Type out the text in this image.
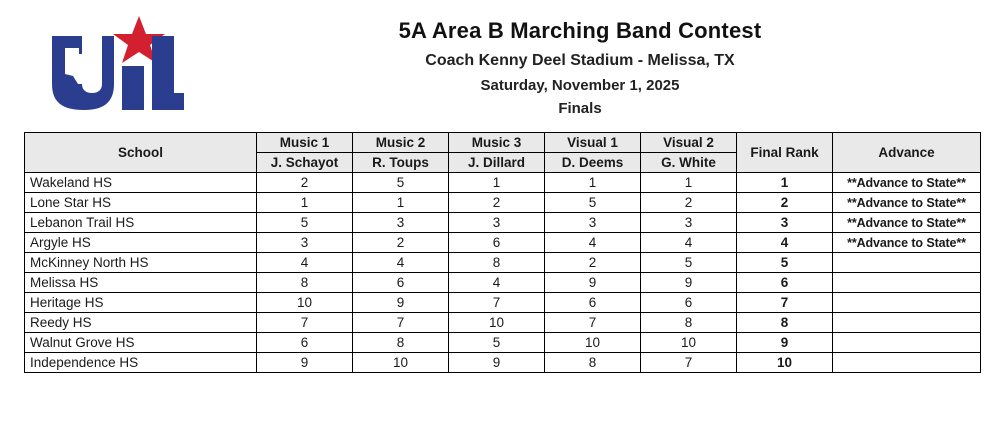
5A Area B Marching Band Contest
Coach Kenny Deel Stadium - Melissa, TX
Saturday, November 1, 2025
Finals
School	Music 1	Music 2	Music 3	Visual 1	Visual 2	Final Rank	Advance
	J. Schayot	R. Toups	J. Dillard	D. Deems	G. White		
Wakeland HS	2	5	1	1	1	1	**Advance to State**
Lone Star HS	1	1	2	5	2	2	**Advance to State**
Lebanon Trail HS	5	3	3	3	3	3	**Advance to State**
Argyle HS	3	2	6	4	4	4	**Advance to State**
McKinney North HS	4	4	8	2	5	5	
Melissa HS	8	6	4	9	9	6	
Heritage HS	10	9	7	6	6	7	
Reedy HS	7	7	10	7	8	8	
Walnut Grove HS	6	8	5	10	10	9	
Independence HS	9	10	9	8	7	10	
